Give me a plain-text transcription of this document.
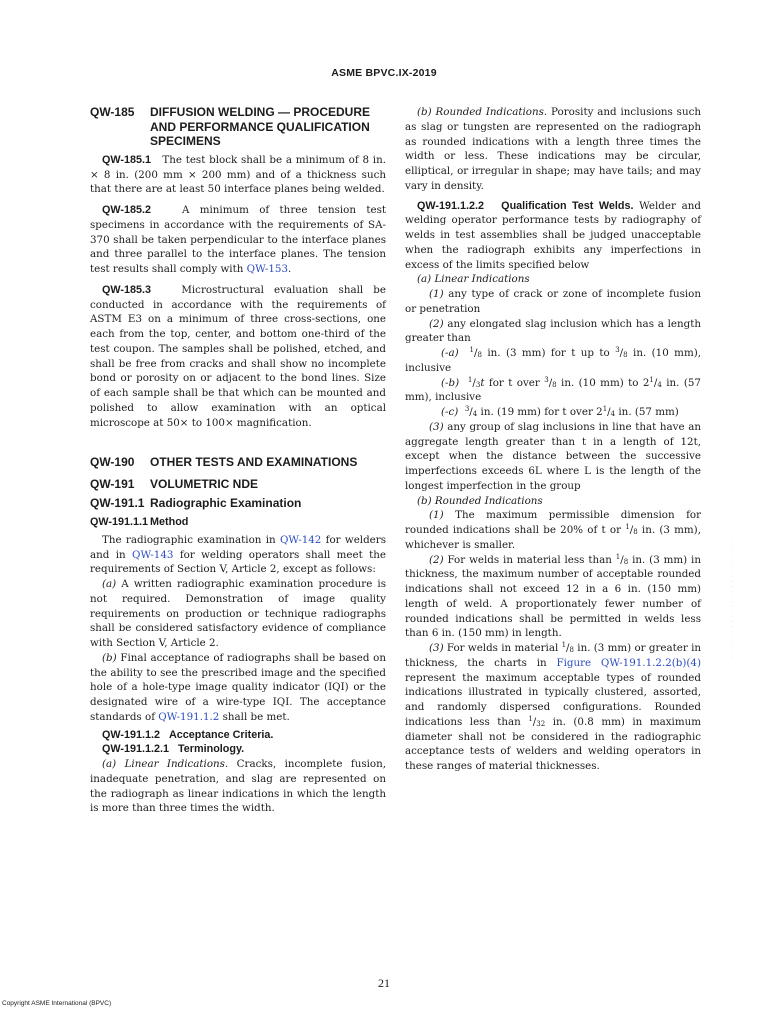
ASME BPVC.IX-2019
QW-185	DIFFUSION WELDING — PROCEDURE AND PERFORMANCE QUALIFICATION SPECIMENS

QW-185.1 The test block shall be a minimum of 8 in. × 8 in. (200 mm × 200 mm) and of a thickness such that there are at least 50 interface planes being welded.

QW-185.2	A minimum of three tension test specimens in accordance with the requirements of SA-370 shall be taken perpendicular to the interface planes and three parallel to the interface planes. The tension test results shall comply with QW-153.

QW-185.3	Microstructural evaluation shall be conducted in accordance with the requirements of ASTM E3 on a minimum of three cross-sections, one each from the top, center, and bottom one-third of the test coupon. The samples shall be polished, etched, and shall be free from cracks and shall show no incomplete bond or porosity on or adjacent to the bond lines. Size of each sample shall be that which can be mounted and polished to allow examination with an optical microscope at 50× to 100× magnification.

QW-190	OTHER TESTS AND EXAMINATIONS
QW-191 VOLUMETRIC NDE
QW-191.1 Radiographic Examination
QW-191.1.1 Method

The radiographic examination in QW-142 for welders and in QW-143 for welding operators shall meet the requirements of Section V, Article 2, except as follows:

(a) A written radiographic examination procedure is not required. Demonstration of image quality requirements on production or technique radiographs shall be considered satisfactory evidence of compliance with Section V, Article 2.

(b) Final acceptance of radiographs shall be based on the ability to see the prescribed image and the specified hole of a hole-type image quality indicator (IQI) or the designated wire of a wire-type IQI. The acceptance standards of QW-191.1.2 shall be met.

QW-191.1.2 Acceptance Criteria.
QW-191.1.2.1 Terminology.

(a) Linear Indications. Cracks, incomplete fusion, inadequate penetration, and slag are represented on the radiograph as linear indications in which the length is more than three times the width.

(b) Rounded Indications. Porosity and inclusions such as slag or tungsten are represented on the radiograph as rounded indications with a length three times the width or less. These indications may be circular, elliptical, or irregular in shape; may have tails; and may vary in density.

QW-191.1.2.2 Qualification Test Welds. Welder and welding operator performance tests by radiography of welds in test assemblies shall be judged unacceptable when the radiograph exhibits any imperfections in excess of the limits specified below

(a) Linear Indications

(1) any type of crack or zone of incomplete fusion or penetration

(2) any elongated slag inclusion which has a length greater than

(-a) $^1/_8$ in. (3 mm) for t up to $^3/_8$ in. (10 mm), inclusive

(-b) $^1/_3t$ for t over $^3/_8$ in. (10 mm) to $2^1/_4$ in. (57 mm), inclusive

(-c) $^3/_4$ in. (19 mm) for t over $2^1/_4$ in. (57 mm)

(3) any group of slag inclusions in line that have an aggregate length greater than t in a length of 12t, except when the distance between the successive imperfections exceeds 6L where L is the length of the longest imperfection in the group

(b) Rounded Indications

(1) The maximum permissible dimension for rounded indications shall be 20% of t or $^1/_8$ in. (3 mm), whichever is smaller.

(2) For welds in material less than $^1/_8$ in. (3 mm) in thickness, the maximum number of acceptable rounded indications shall not exceed 12 in a 6 in. (150 mm) length of weld. A proportionately fewer number of rounded indications shall be permitted in welds less than 6 in. (150 mm) in length.

(3) For welds in material $^1/_8$ in. (3 mm) or greater in thickness, the charts in Figure QW-191.1.2.2(b)(4) represent the maximum acceptable types of rounded indications illustrated in typically clustered, assorted, and randomly dispersed configurations. Rounded indications less than $^1/_{32}$ in. (0.8 mm) in maximum diameter shall not be considered in the radiographic acceptance tests of welders and welding operators in these ranges of material thicknesses.

· · · · · · · · · · · · · · · · · · · · · · · ·
21
Copyright ASME International (BPVC)
